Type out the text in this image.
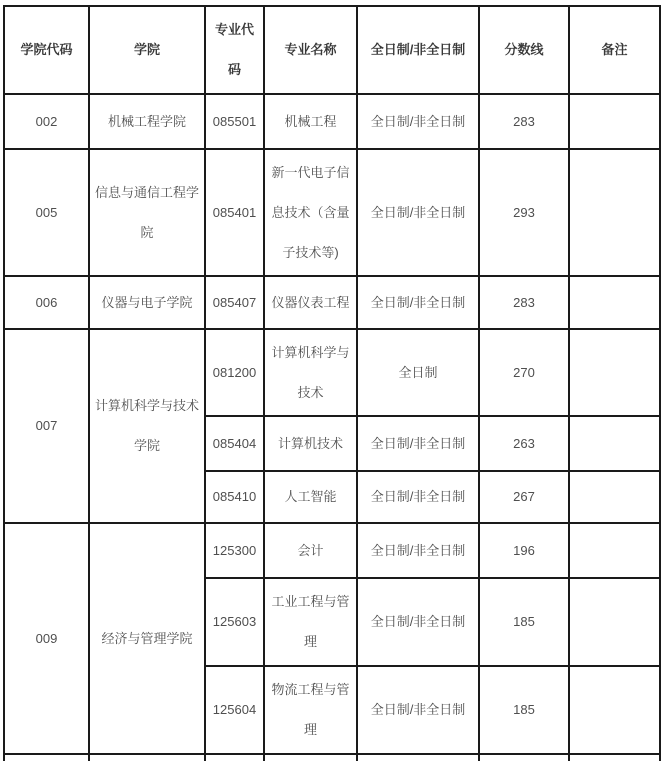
学院代码	学院	专业代码	专业名称	全日制/非全日制	分数线	备注
002	机械工程学院	085501	机械工程	全日制/非全日制	283	
005	信息与通信工程学院	085401	新一代电子信息技术（含量子技术等)	全日制/非全日制	293	
006	仪器与电子学院	085407	仪器仪表工程	全日制/非全日制	283	
007	计算机科学与技术学院	081200	计算机科学与技术	全日制	270	
		085404	计算机技术	全日制/非全日制	263	
		085410	人工智能	全日制/非全日制	267	
009	经济与管理学院	125300	会计	全日制/非全日制	196	
		125603	工业工程与管理	全日制/非全日制	185	
		125604	物流工程与管理	全日制/非全日制	185	
